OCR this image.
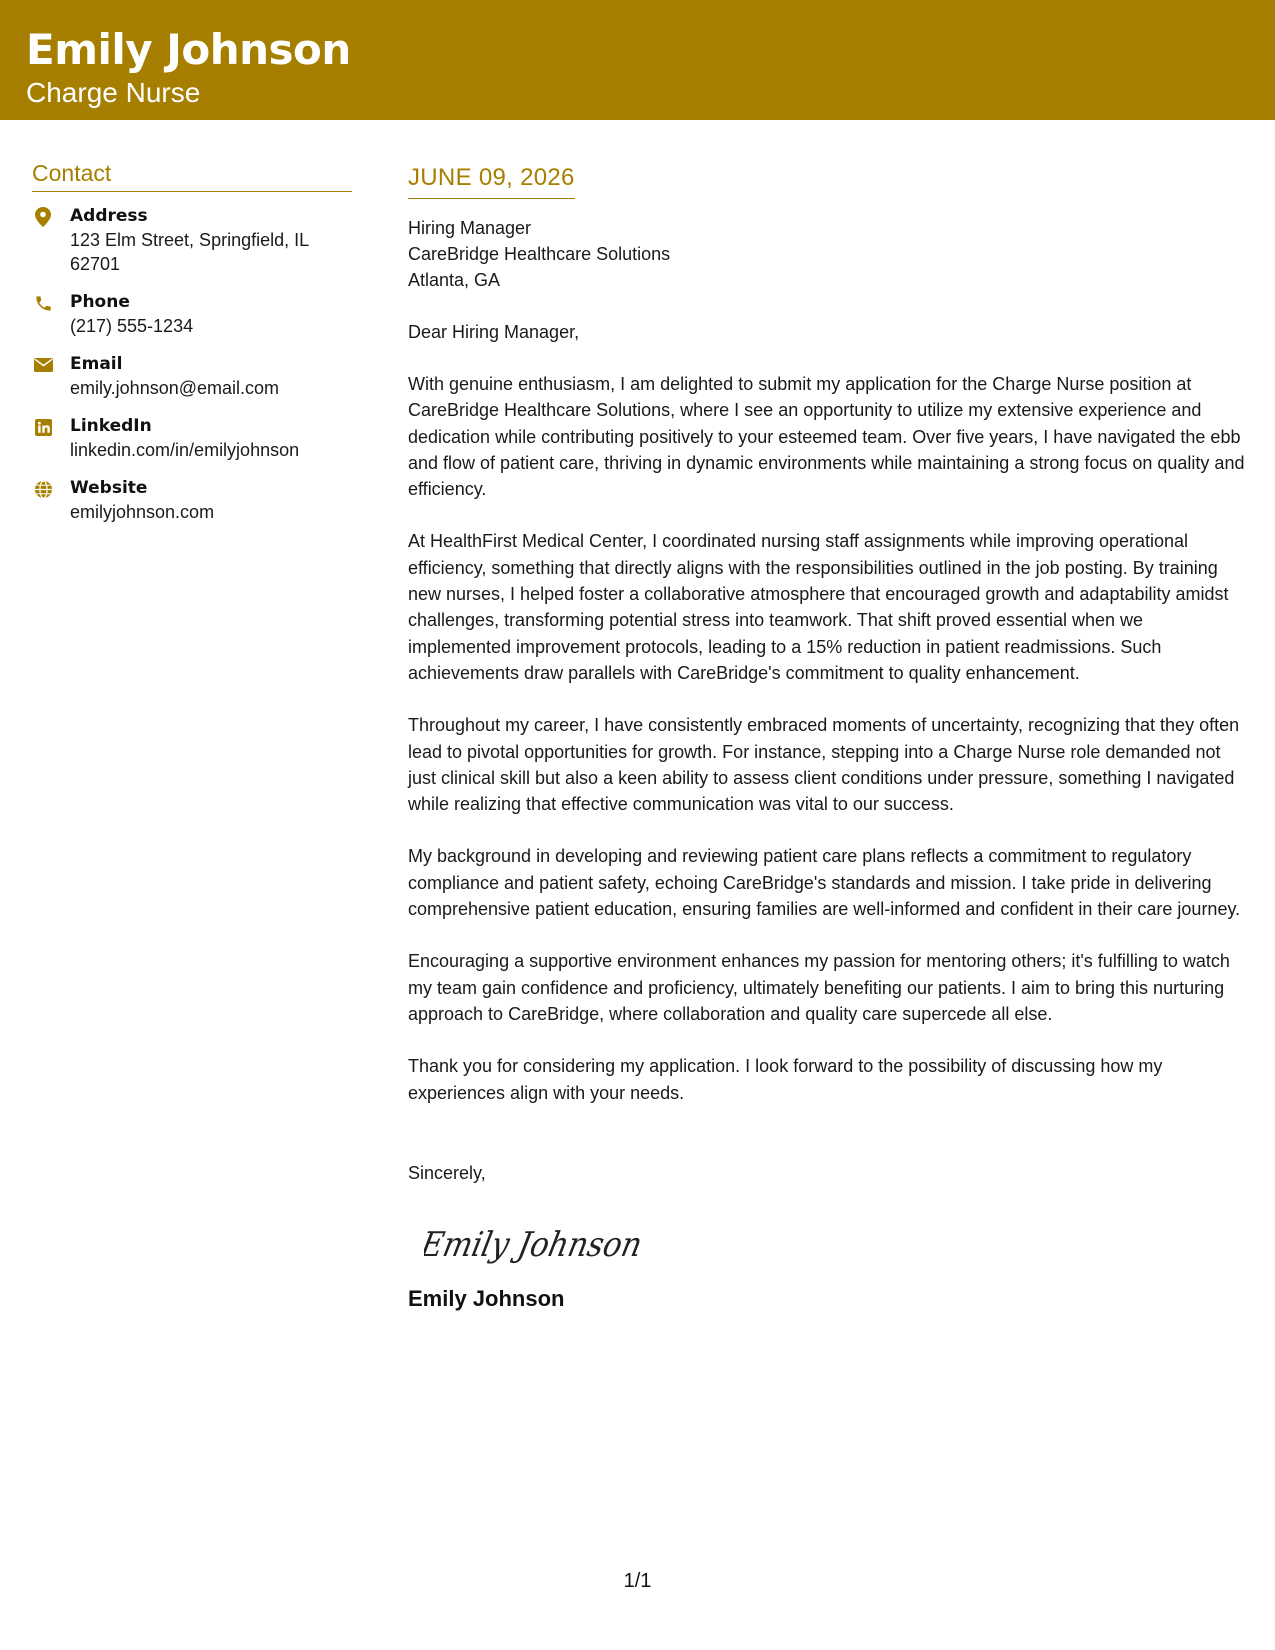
Emily Johnson
Charge Nurse
Contact
Address
123 Elm Street, Springfield, IL 62701
Phone
(217) 555-1234
Email
emily.johnson@email.com
LinkedIn
linkedin.com/in/emilyjohnson
Website
emilyjohnson.com
JUNE 09, 2026
Hiring Manager
CareBridge Healthcare Solutions
Atlanta, GA
Dear Hiring Manager,
With genuine enthusiasm, I am delighted to submit my application for the Charge Nurse position at CareBridge Healthcare Solutions, where I see an opportunity to utilize my extensive experience and dedication while contributing positively to your esteemed team. Over five years, I have navigated the ebb and flow of patient care, thriving in dynamic environments while maintaining a strong focus on quality and efficiency.
At HealthFirst Medical Center, I coordinated nursing staff assignments while improving operational efficiency, something that directly aligns with the responsibilities outlined in the job posting. By training new nurses, I helped foster a collaborative atmosphere that encouraged growth and adaptability amidst challenges, transforming potential stress into teamwork. That shift proved essential when we implemented improvement protocols, leading to a 15% reduction in patient readmissions. Such achievements draw parallels with CareBridge's commitment to quality enhancement.
Throughout my career, I have consistently embraced moments of uncertainty, recognizing that they often lead to pivotal opportunities for growth. For instance, stepping into a Charge Nurse role demanded not just clinical skill but also a keen ability to assess client conditions under pressure, something I navigated while realizing that effective communication was vital to our success.
My background in developing and reviewing patient care plans reflects a commitment to regulatory compliance and patient safety, echoing CareBridge's standards and mission. I take pride in delivering comprehensive patient education, ensuring families are well-informed and confident in their care journey.
Encouraging a supportive environment enhances my passion for mentoring others; it's fulfilling to watch my team gain confidence and proficiency, ultimately benefiting our patients. I aim to bring this nurturing approach to CareBridge, where collaboration and quality care supercede all else.
Thank you for considering my application. I look forward to the possibility of discussing how my experiences align with your needs.
Sincerely,
Emily Johnson
Emily Johnson
1/1
